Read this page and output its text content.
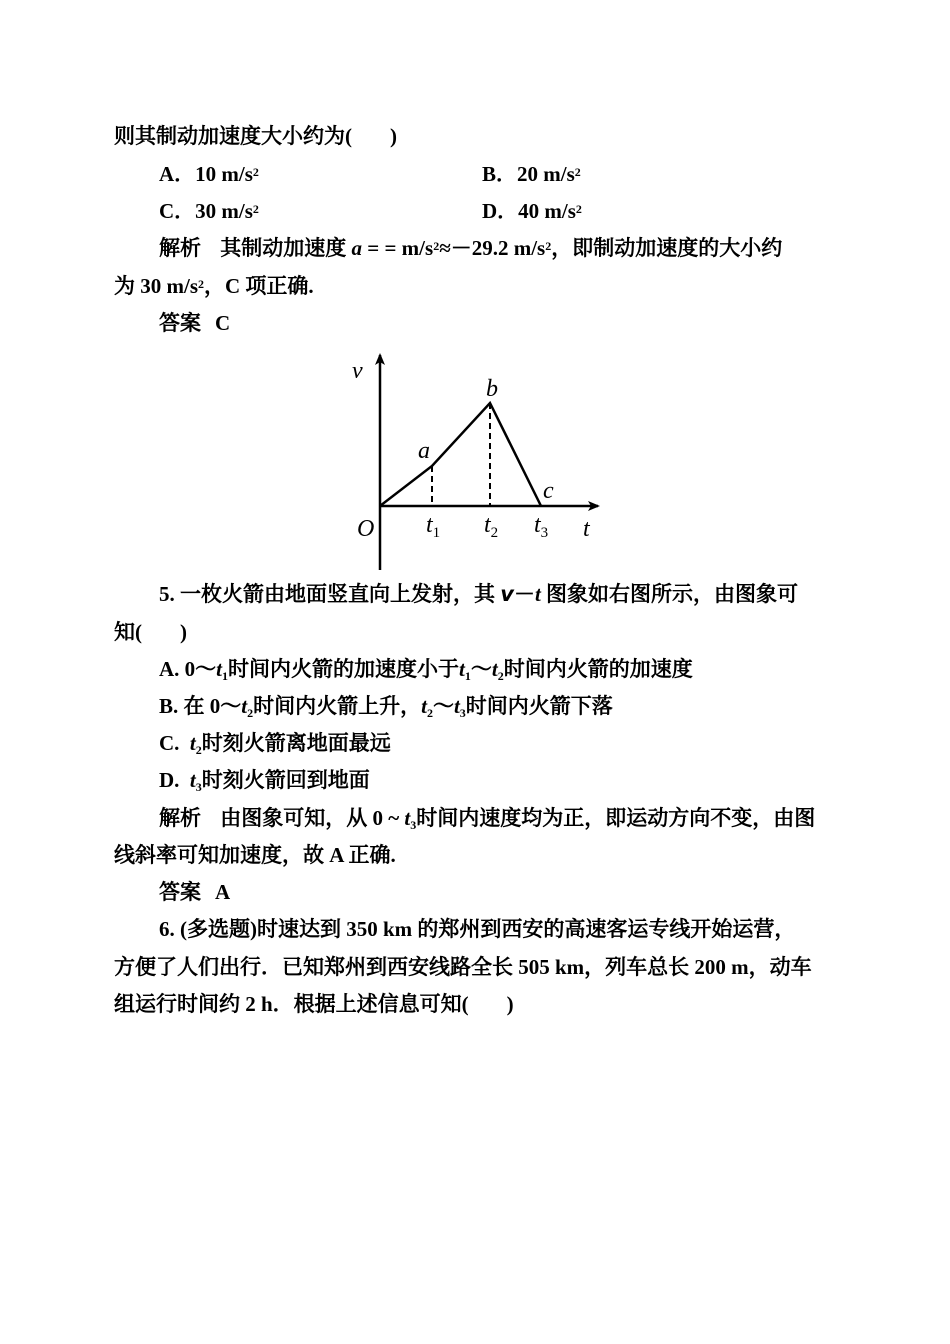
则其制动加速度大小约为( )
A．10 $m/s^2$	B．20 $m/s^2$
C．30 $m/s^2$	D．40 $m/s^2$
解析 其制动加速度 a = = $m/s^2\approx-29.2$ $m/s^2$，即制动加速度的大小约
为 30 $m/s^2$，C 项正确.
答案 C
v
t
O
a
b
c
$t_1$ $t_2$ $t_3$
5. 一枚火箭由地面竖直向上发射，其 v－t 图象如右图所示，由图象可
知( )
A. $0\sim t_1$时间内火箭的加速度小于$t_1\sim t_2$时间内火箭的加速度
B. 在 $0\sim t_2$时间内火箭上升，$t_2\sim t_3$时间内火箭下落
C. $t_2$时刻火箭离地面最远
D. $t_3$时刻火箭回到地面
解析 由图象可知，从 0 ~ $t_3$时间内速度均为正，即运动方向不变，由图
线斜率可知加速度，故 A 正确.
答案 A
6. (多选题)时速达到 350 km 的郑州到西安的高速客运专线开始运营，
方便了人们出行．已知郑州到西安线路全长 505 km，列车总长 200 m，动车
组运行时间约 2 h．根据上述信息可知( )
